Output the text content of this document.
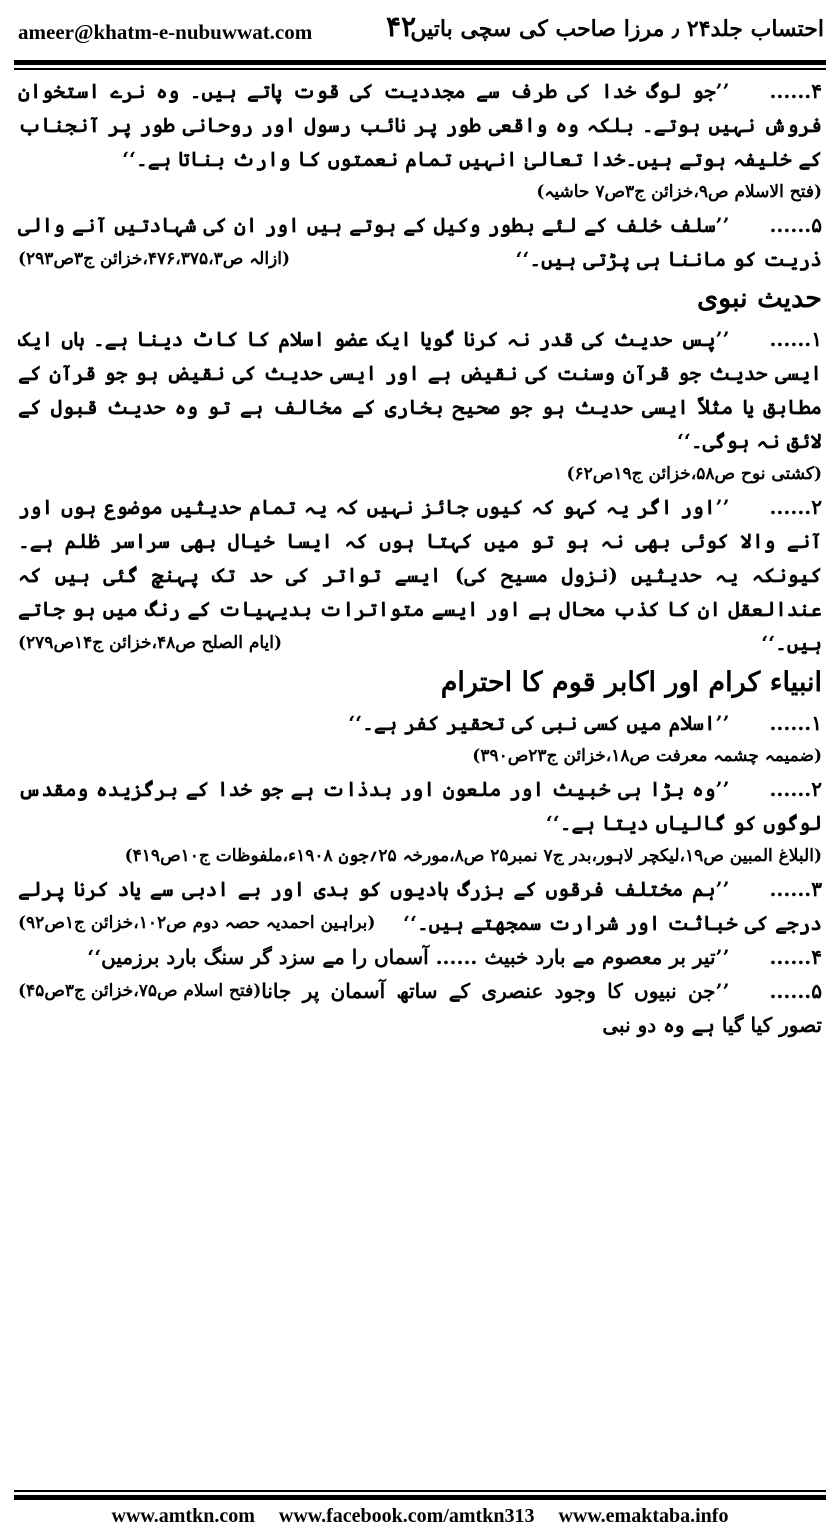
ameer@khatm-e-nubuwwat.com	۴۲
احتساب جلد۲۴ ٫ مرزا صاحب کی سچی باتیں

۴......’’جو لوگ خدا کی طرف سے مجددیت کی قوت پاتے ہیں۔ وہ نرے استخوان فروش نہیں ہوتے۔ بلکہ وہ واقعی طور پر نائب رسول اور روحانی طور پر آنجناب کے خلیفہ ہوتے ہیں۔خدا تعالیٰ انہیں تمام نعمتوں کا وارث بناتا ہے۔‘‘

(فتح الاسلام ص۹،خزائن ج۳ص۷ حاشیہ)

۵......’’سلف خلف کے لئے بطور وکیل کے ہوتے ہیں اور ان کی شہادتیں آنے والی ذریت کو ماننا ہی پڑتی ہیں۔‘‘
(ازالہ ص۴۷۶،۳۷۵،۳،خزائن ج۳ص۲۹۳)

حدیث نبوی

۱......’’پس حدیث کی قدر نہ کرنا گویا ایک عضو اسلام کا کاٹ دینا ہے۔ ہاں ایک ایسی حدیث جو قرآن وسنت کی نقیض ہے اور ایسی حدیث کی نقیض ہو جو قرآن کے مطابق یا مثلاً ایسی حدیث ہو جو صحیح بخاری کے مخالف ہے تو وہ حدیث قبول کے لائق نہ ہوگی۔‘‘

(کشتی نوح ص۵۸،خزائن ج۱۹ص۶۲)

۲......’’اور اگر یہ کہو کہ کیوں جائز نہیں کہ یہ تمام حدیثیں موضوع ہوں اور آنے والا کوئی بھی نہ ہو تو میں کہتا ہوں کہ ایسا خیال بھی سراسر ظلم ہے۔ کیونکہ یہ حدیثیں (نزول مسیح کی) ایسے تواتر کی حد تک پہنچ گئی ہیں کہ عندالعقل ان کا کذب محال ہے اور ایسے متواترات بدیہیات کے رنگ میں ہو جاتے ہیں۔‘‘
(ایام الصلح ص۴۸،خزائن ج۱۴ص۲۷۹)

انبیاء کرام اور اکابر قوم کا احترام

۱......’’اسلام میں کسی نبی کی تحقیر کفر ہے۔‘‘

(ضمیمہ چشمہ معرفت ص۱۸،خزائن ج۲۳ص۳۹۰)

۲......’’وہ بڑا ہی خبیث اور ملعون اور بدذات ہے جو خدا کے برگزیدہ ومقدس لوگوں کو گالیاں دیتا ہے۔‘‘

(البلاغ المبین ص۱۹،لیکچر لاہور،بدر ج۷ نمبر۲۵ ص۸،مورخہ ۲۵؍جون ۱۹۰۸ء،ملفوظات ج۱۰ص۴۱۹)

۳......’’ہم مختلف فرقوں کے بزرگ ہادیوں کو بدی اور بے ادبی سے یاد کرنا پرلے درجے کی خباثت اور شرارت سمجھتے ہیں۔‘‘
(براہین احمدیہ حصہ دوم ص۱۰۲،خزائن ج۱ص۹۲)

۴......’’تیر بر معصوم مے بارد خبیث ...... آسماں را مے سزد گر سنگ بارد برزمیں‘‘
(فتح اسلام ص۷۵،خزائن ج۳ص۴۵)	۵......’’جن نبیوں کا وجود عنصری کے ساتھ آسمان پر جانا تصور کیا گیا ہے وہ دو نبی

www.amtkn.com www.facebook.com/amtkn313 www.emaktaba.info
